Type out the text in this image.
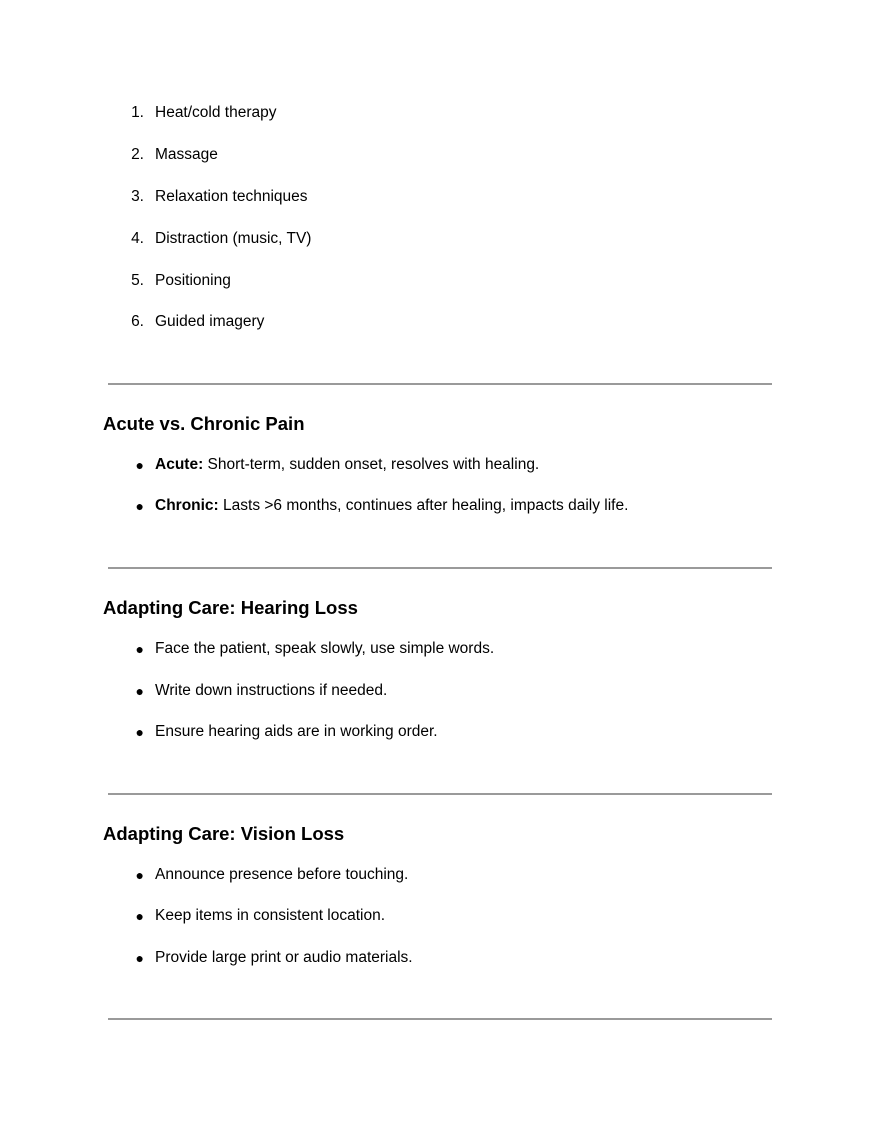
1. Heat/cold therapy
2. Massage
3. Relaxation techniques
4. Distraction (music, TV)
5. Positioning
6. Guided imagery
Acute vs. Chronic Pain
● Acute: Short-term, sudden onset, resolves with healing.
● Chronic: Lasts >6 months, continues after healing, impacts daily life.
Adapting Care: Hearing Loss
● Face the patient, speak slowly, use simple words.
● Write down instructions if needed.
● Ensure hearing aids are in working order.
Adapting Care: Vision Loss
● Announce presence before touching.
● Keep items in consistent location.
● Provide large print or audio materials.
